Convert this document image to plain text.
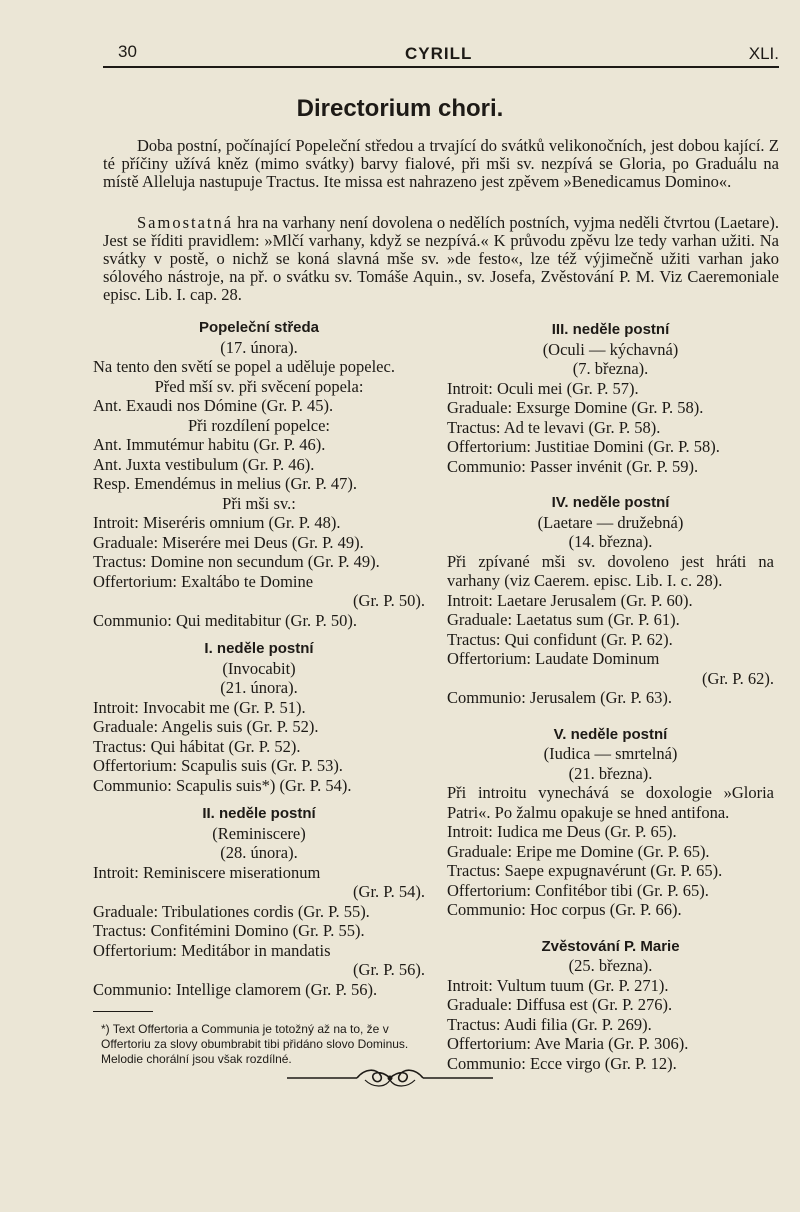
30	CYRILL	XLI.
Directorium chori.

Doba postní, počínající Popeleční středou a trvající do svátků velikonočních, jest dobou kající. Z té příčiny užívá kněz (mimo svátky) barvy fialové, při mši sv. nezpívá se Gloria, po Graduálu na místě Alleluja nastupuje Tractus. Ite missa est nahrazeno jest zpěvem »Benedicamus Domino«.

Samostatná hra na varhany není dovolena o nedělích postních, vyjma neděli čtvrtou (Laetare). Jest se říditi pravidlem: »Mlčí varhany, když se nezpívá.« K průvodu zpěvu lze tedy varhan užiti. Na svátky v postě, o nichž se koná slavná mše sv. »de festo«, lze též výjimečně užiti varhan jako sólového nástroje, na př. o svátku sv. Tomáše Aquin., sv. Josefa, Zvěstování P. M. Viz Caeremoniale episc. Lib. I. cap. 28.

Popeleční středa
(17. února).
Na tento den světí se popel a uděluje popelec.
Před mší sv. při svěcení popela:
Ant. Exaudi nos Dómine (Gr. P. 45).
Při rozdílení popelce:
Ant. Immutémur habitu (Gr. P. 46).
Ant. Juxta vestibulum (Gr. P. 46).
Resp. Emendémus in melius (Gr. P. 47).
Při mši sv.:
Introit: Miseréris omnium (Gr. P. 48).
Graduale: Miserére mei Deus (Gr. P. 49).
Tractus: Domine non secundum (Gr. P. 49).
Offertorium: Exaltábo te Domine
(Gr. P. 50).
Communio: Qui meditabitur (Gr. P. 50).
I. neděle postní
(Invocabit)
(21. února).
Introit: Invocabit me (Gr. P. 51).
Graduale: Angelis suis (Gr. P. 52).
Tractus: Qui hábitat (Gr. P. 52).
Offertorium: Scapulis suis (Gr. P. 53).
Communio: Scapulis suis*) (Gr. P. 54).
II. neděle postní
(Reminiscere)
(28. února).
Introit: Reminiscere miserationum
(Gr. P. 54).
Graduale: Tribulationes cordis (Gr. P. 55).
Tractus: Confitémini Domino (Gr. P. 55).
Offertorium: Meditábor in mandatis
(Gr. P. 56).
Communio: Intellige clamorem (Gr. P. 56).
*) Text Offertoria a Communia je totožný až na to, že v Offertoriu za slovy obumbrabit tibi přidáno slovo Dominus. Melodie chorální jsou však rozdílné.
III. neděle postní
(Oculi — kýchavná)
(7. března).
Introit: Oculi mei (Gr. P. 57).
Graduale: Exsurge Domine (Gr. P. 58).
Tractus: Ad te levavi (Gr. P. 58).
Offertorium: Justitiae Domini (Gr. P. 58).
Communio: Passer invénit (Gr. P. 59).
IV. neděle postní
(Laetare — družebná)
(14. března).
Při zpívané mši sv. dovoleno jest hráti na varhany (viz Caerem. episc. Lib. I. c. 28).
Introit: Laetare Jerusalem (Gr. P. 60).
Graduale: Laetatus sum (Gr. P. 61).
Tractus: Qui confidunt (Gr. P. 62).
Offertorium: Laudate Dominum
(Gr. P. 62).
Communio: Jerusalem (Gr. P. 63).
V. neděle postní
(Iudica — smrtelná)
(21. března).
Při introitu vynechává se doxologie »Gloria Patri«. Po žalmu opakuje se hned antifona.
Introit: Iudica me Deus (Gr. P. 65).
Graduale: Eripe me Domine (Gr. P. 65).
Tractus: Saepe expugnavérunt (Gr. P. 65).
Offertorium: Confitébor tibi (Gr. P. 65).
Communio: Hoc corpus (Gr. P. 66).
Zvěstování P. Marie
(25. března).
Introit: Vultum tuum (Gr. P. 271).
Graduale: Diffusa est (Gr. P. 276).
Tractus: Audi filia (Gr. P. 269).
Offertorium: Ave Maria (Gr. P. 306).
Communio: Ecce virgo (Gr. P. 12).
